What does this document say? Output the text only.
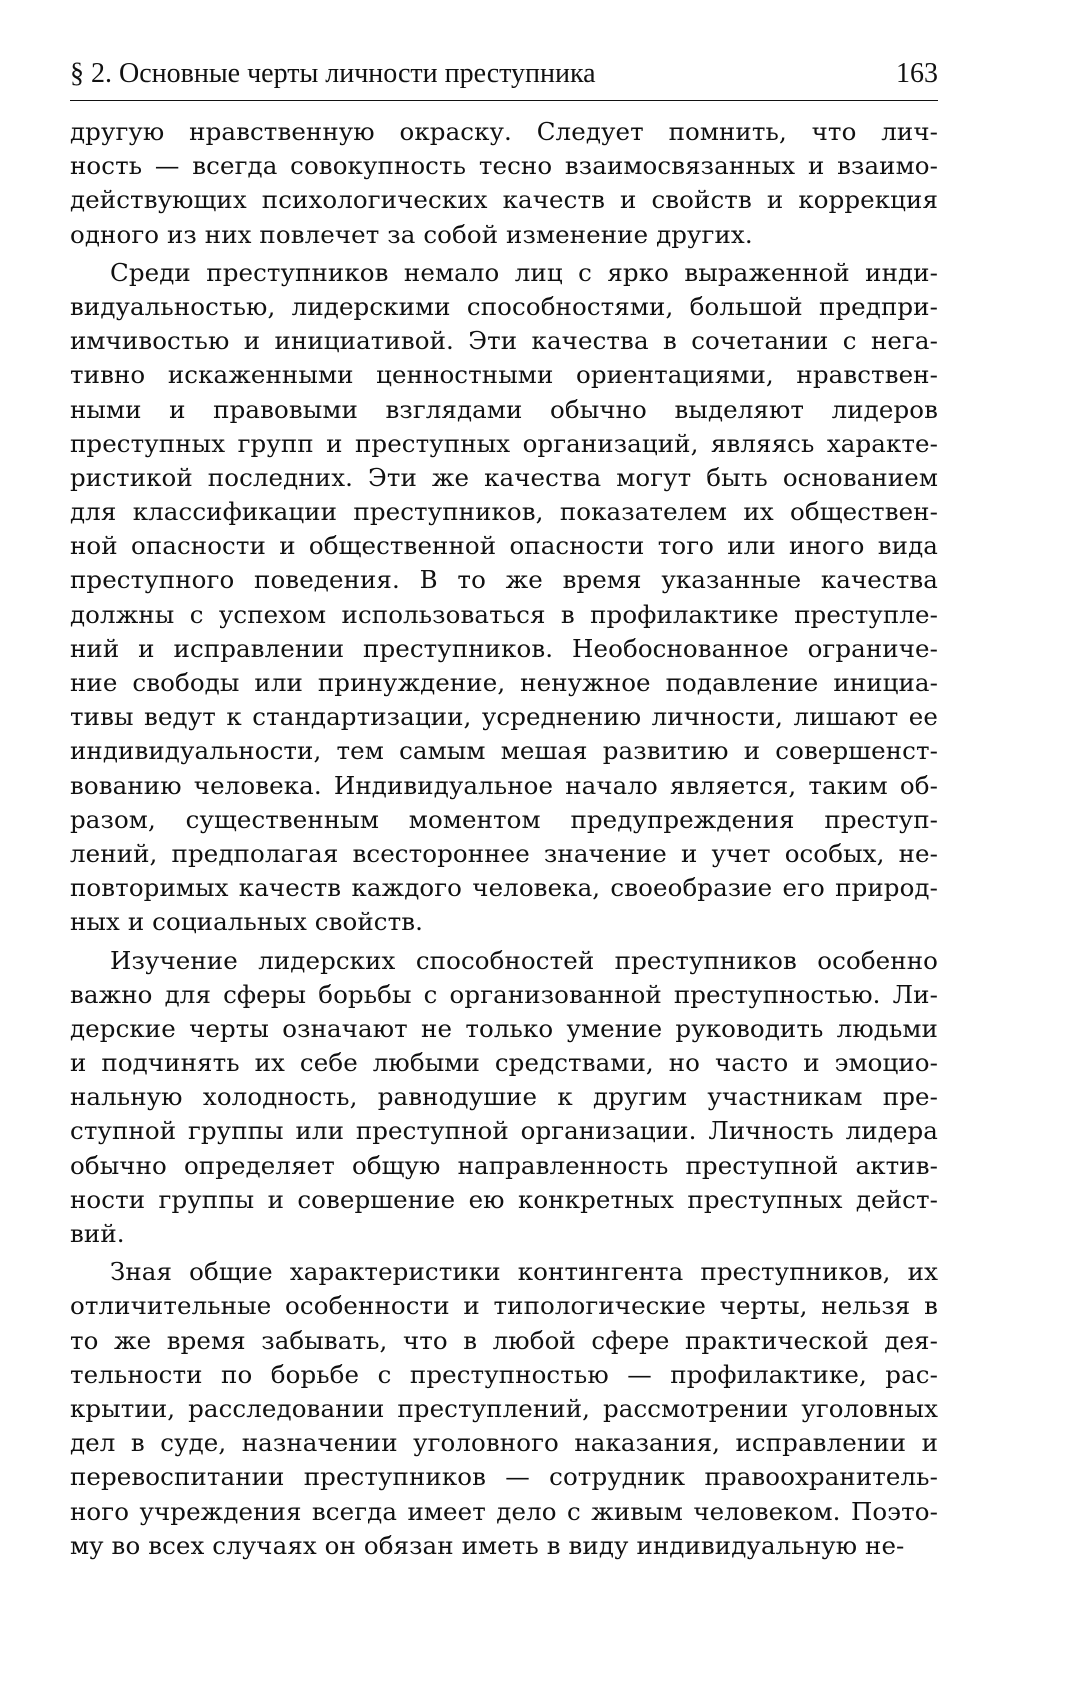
§ 2. Основные черты личности преступника	163
другую нравственную окраску. Следует помнить, что лич-
ность — всегда совокупность тесно взаимосвязанных и взаимо-
действующих психологических качеств и свойств и коррекция
одного из них повлечет за собой изменение других.
Среди преступников немало лиц с ярко выраженной инди-
видуальностью, лидерскими способностями, большой предпри-
имчивостью и инициативой. Эти качества в сочетании с нега-
тивно искаженными ценностными ориентациями, нравствен-
ными и правовыми взглядами обычно выделяют лидеров
преступных групп и преступных организаций, являясь характе-
ристикой последних. Эти же качества могут быть основанием
для классификации преступников, показателем их обществен-
ной опасности и общественной опасности того или иного вида
преступного поведения. В то же время указанные качества
должны с успехом использоваться в профилактике преступле-
ний и исправлении преступников. Необоснованное ограниче-
ние свободы или принуждение, ненужное подавление инициа-
тивы ведут к стандартизации, усреднению личности, лишают ее
индивидуальности, тем самым мешая развитию и совершенст-
вованию человека. Индивидуальное начало является, таким об-
разом, существенным моментом предупреждения преступ-
лений, предполагая всестороннее значение и учет особых, не-
повторимых качеств каждого человека, своеобразие его природ-
ных и социальных свойств.
Изучение лидерских способностей преступников особенно
важно для сферы борьбы с организованной преступностью. Ли-
дерские черты означают не только умение руководить людьми
и подчинять их себе любыми средствами, но часто и эмоцио-
нальную холодность, равнодушие к другим участникам пре-
ступной группы или преступной организации. Личность лидера
обычно определяет общую направленность преступной актив-
ности группы и совершение ею конкретных преступных дейст-
вий.
Зная общие характеристики контингента преступников, их
отличительные особенности и типологические черты, нельзя в
то же время забывать, что в любой сфере практической дея-
тельности по борьбе с преступностью — профилактике, рас-
крытии, расследовании преступлений, рассмотрении уголовных
дел в суде, назначении уголовного наказания, исправлении и
перевоспитании преступников — сотрудник правоохранитель-
ного учреждения всегда имеет дело с живым человеком. Поэто-
му во всех случаях он обязан иметь в виду индивидуальную не-
